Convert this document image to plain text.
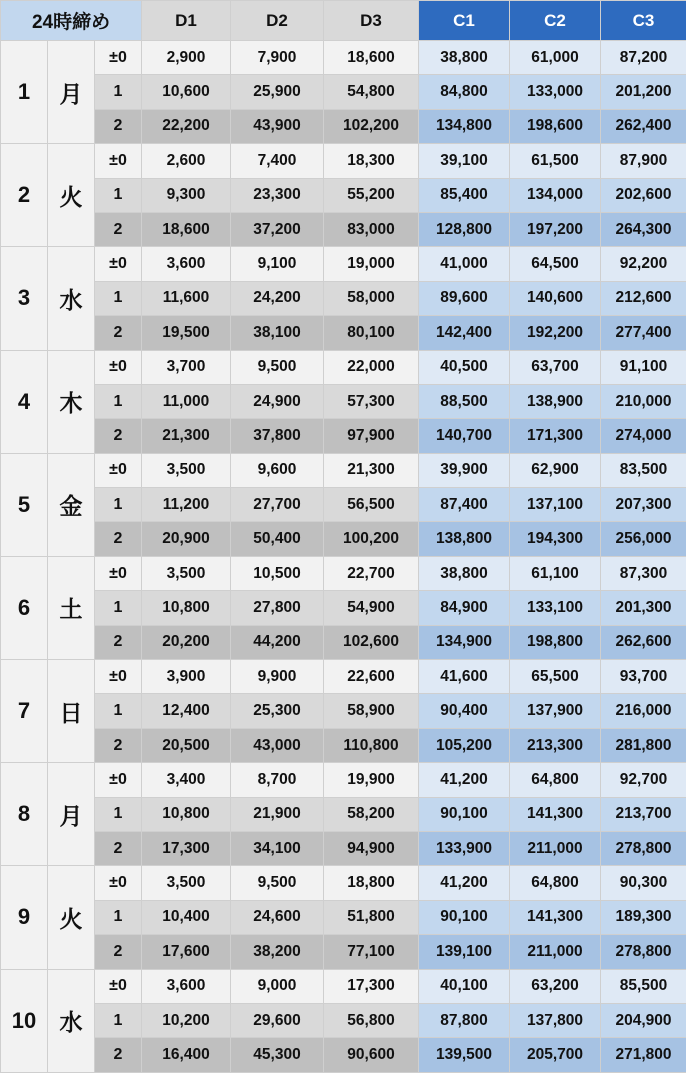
24時締め			D1	D2	D3	C1	C2	C3
1	月	±0	2,900	7,900	18,600	38,800	61,000	87,200
		1	10,600	25,900	54,800	84,800	133,000	201,200
		2	22,200	43,900	102,200	134,800	198,600	262,400
2	火	±0	2,600	7,400	18,300	39,100	61,500	87,900
		1	9,300	23,300	55,200	85,400	134,000	202,600
		2	18,600	37,200	83,000	128,800	197,200	264,300
3	水	±0	3,600	9,100	19,000	41,000	64,500	92,200
		1	11,600	24,200	58,000	89,600	140,600	212,600
		2	19,500	38,100	80,100	142,400	192,200	277,400
4	木	±0	3,700	9,500	22,000	40,500	63,700	91,100
		1	11,000	24,900	57,300	88,500	138,900	210,000
		2	21,300	37,800	97,900	140,700	171,300	274,000
5	金	±0	3,500	9,600	21,300	39,900	62,900	83,500
		1	11,200	27,700	56,500	87,400	137,100	207,300
		2	20,900	50,400	100,200	138,800	194,300	256,000
6	土	±0	3,500	10,500	22,700	38,800	61,100	87,300
		1	10,800	27,800	54,900	84,900	133,100	201,300
		2	20,200	44,200	102,600	134,900	198,800	262,600
7	日	±0	3,900	9,900	22,600	41,600	65,500	93,700
		1	12,400	25,300	58,900	90,400	137,900	216,000
		2	20,500	43,000	110,800	105,200	213,300	281,800
8	月	±0	3,400	8,700	19,900	41,200	64,800	92,700
		1	10,800	21,900	58,200	90,100	141,300	213,700
		2	17,300	34,100	94,900	133,900	211,000	278,800
9	火	±0	3,500	9,500	18,800	41,200	64,800	90,300
		1	10,400	24,600	51,800	90,100	141,300	189,300
		2	17,600	38,200	77,100	139,100	211,000	278,800
10	水	±0	3,600	9,000	17,300	40,100	63,200	85,500
		1	10,200	29,600	56,800	87,800	137,800	204,900
		2	16,400	45,300	90,600	139,500	205,700	271,800
